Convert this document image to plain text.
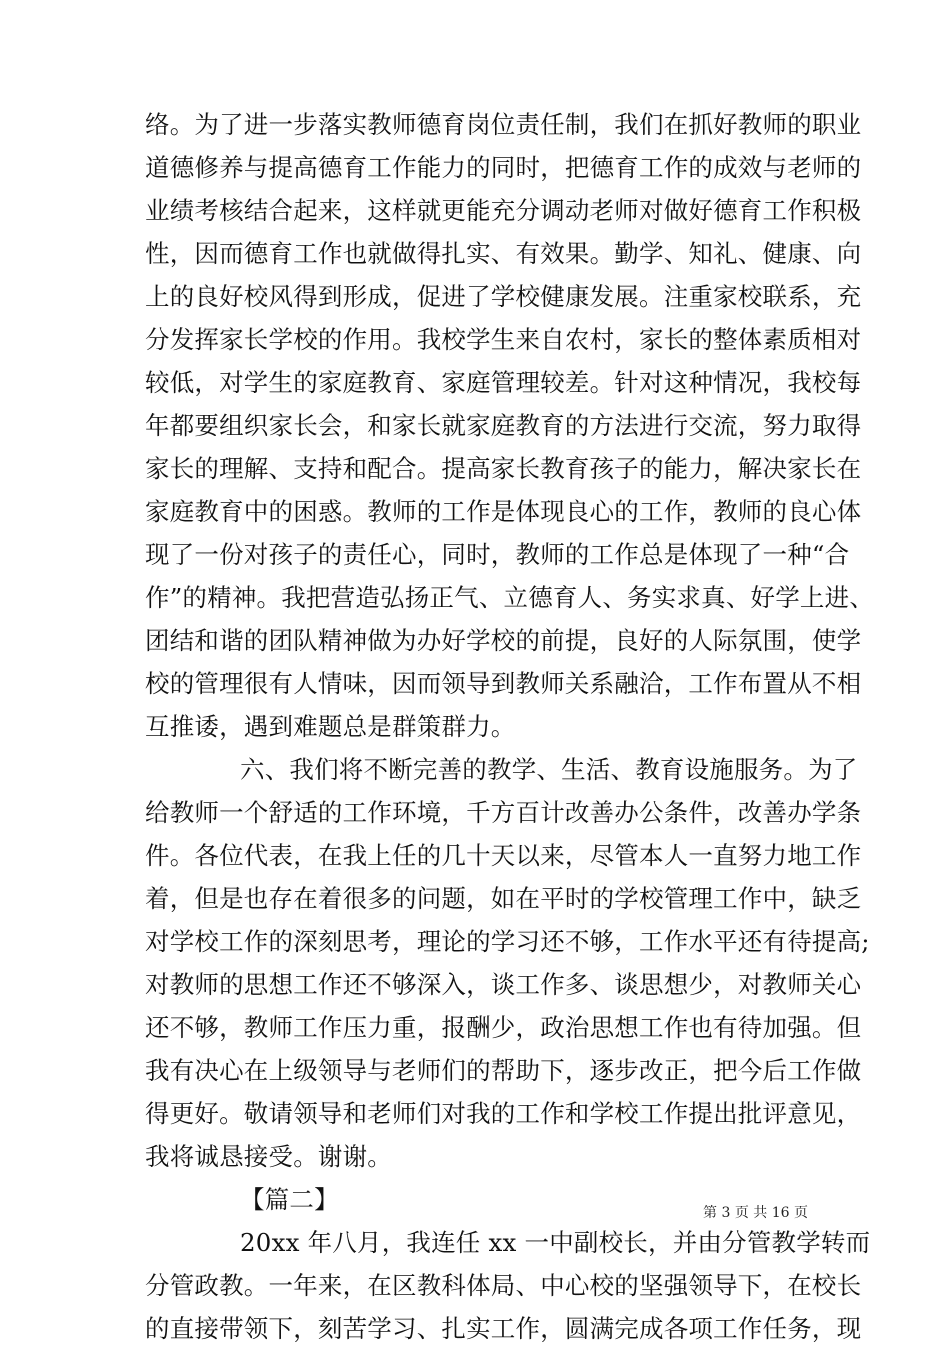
络。为了进一步落实教师德育岗位责任制，我们在抓好教师的职业
道德修养与提高德育工作能力的同时，把德育工作的成效与老师的
业绩考核结合起来，这样就更能充分调动老师对做好德育工作积极
性，因而德育工作也就做得扎实、有效果。勤学、知礼、健康、向
上的良好校风得到形成，促进了学校健康发展。注重家校联系，充
分发挥家长学校的作用。我校学生来自农村，家长的整体素质相对
较低，对学生的家庭教育、家庭管理较差。针对这种情况，我校每
年都要组织家长会，和家长就家庭教育的方法进行交流，努力取得
家长的理解、支持和配合。提高家长教育孩子的能力，解决家长在
家庭教育中的困惑。教师的工作是体现良心的工作，教师的良心体
现了一份对孩子的责任心，同时，教师的工作总是体现了一种“合
作”的精神。我把营造弘扬正气、立德育人、务实求真、好学上进、
团结和谐的团队精神做为办好学校的前提，良好的人际氛围，使学
校的管理很有人情味，因而领导到教师关系融洽，工作布置从不相
互推诿，遇到难题总是群策群力。
六、我们将不断完善的教学、生活、教育设施服务。为了
给教师一个舒适的工作环境，千方百计改善办公条件，改善办学条
件。各位代表，在我上任的几十天以来，尽管本人一直努力地工作
着，但是也存在着很多的问题，如在平时的学校管理工作中，缺乏
对学校工作的深刻思考，理论的学习还不够，工作水平还有待提高;
对教师的思想工作还不够深入，谈工作多、谈思想少，对教师关心
还不够，教师工作压力重，报酬少，政治思想工作也有待加强。但
我有决心在上级领导与老师们的帮助下，逐步改正，把今后工作做
得更好。敬请领导和老师们对我的工作和学校工作提出批评意见，
我将诚恳接受。谢谢。
【篇二】
20xx 年八月，我连任 xx 一中副校长，并由分管教学转而
分管政教。一年来，在区教科体局、中心校的坚强领导下，在校长
的直接带领下，刻苦学习、扎实工作，圆满完成各项工作任务，现
第 3 页 共 16 页
